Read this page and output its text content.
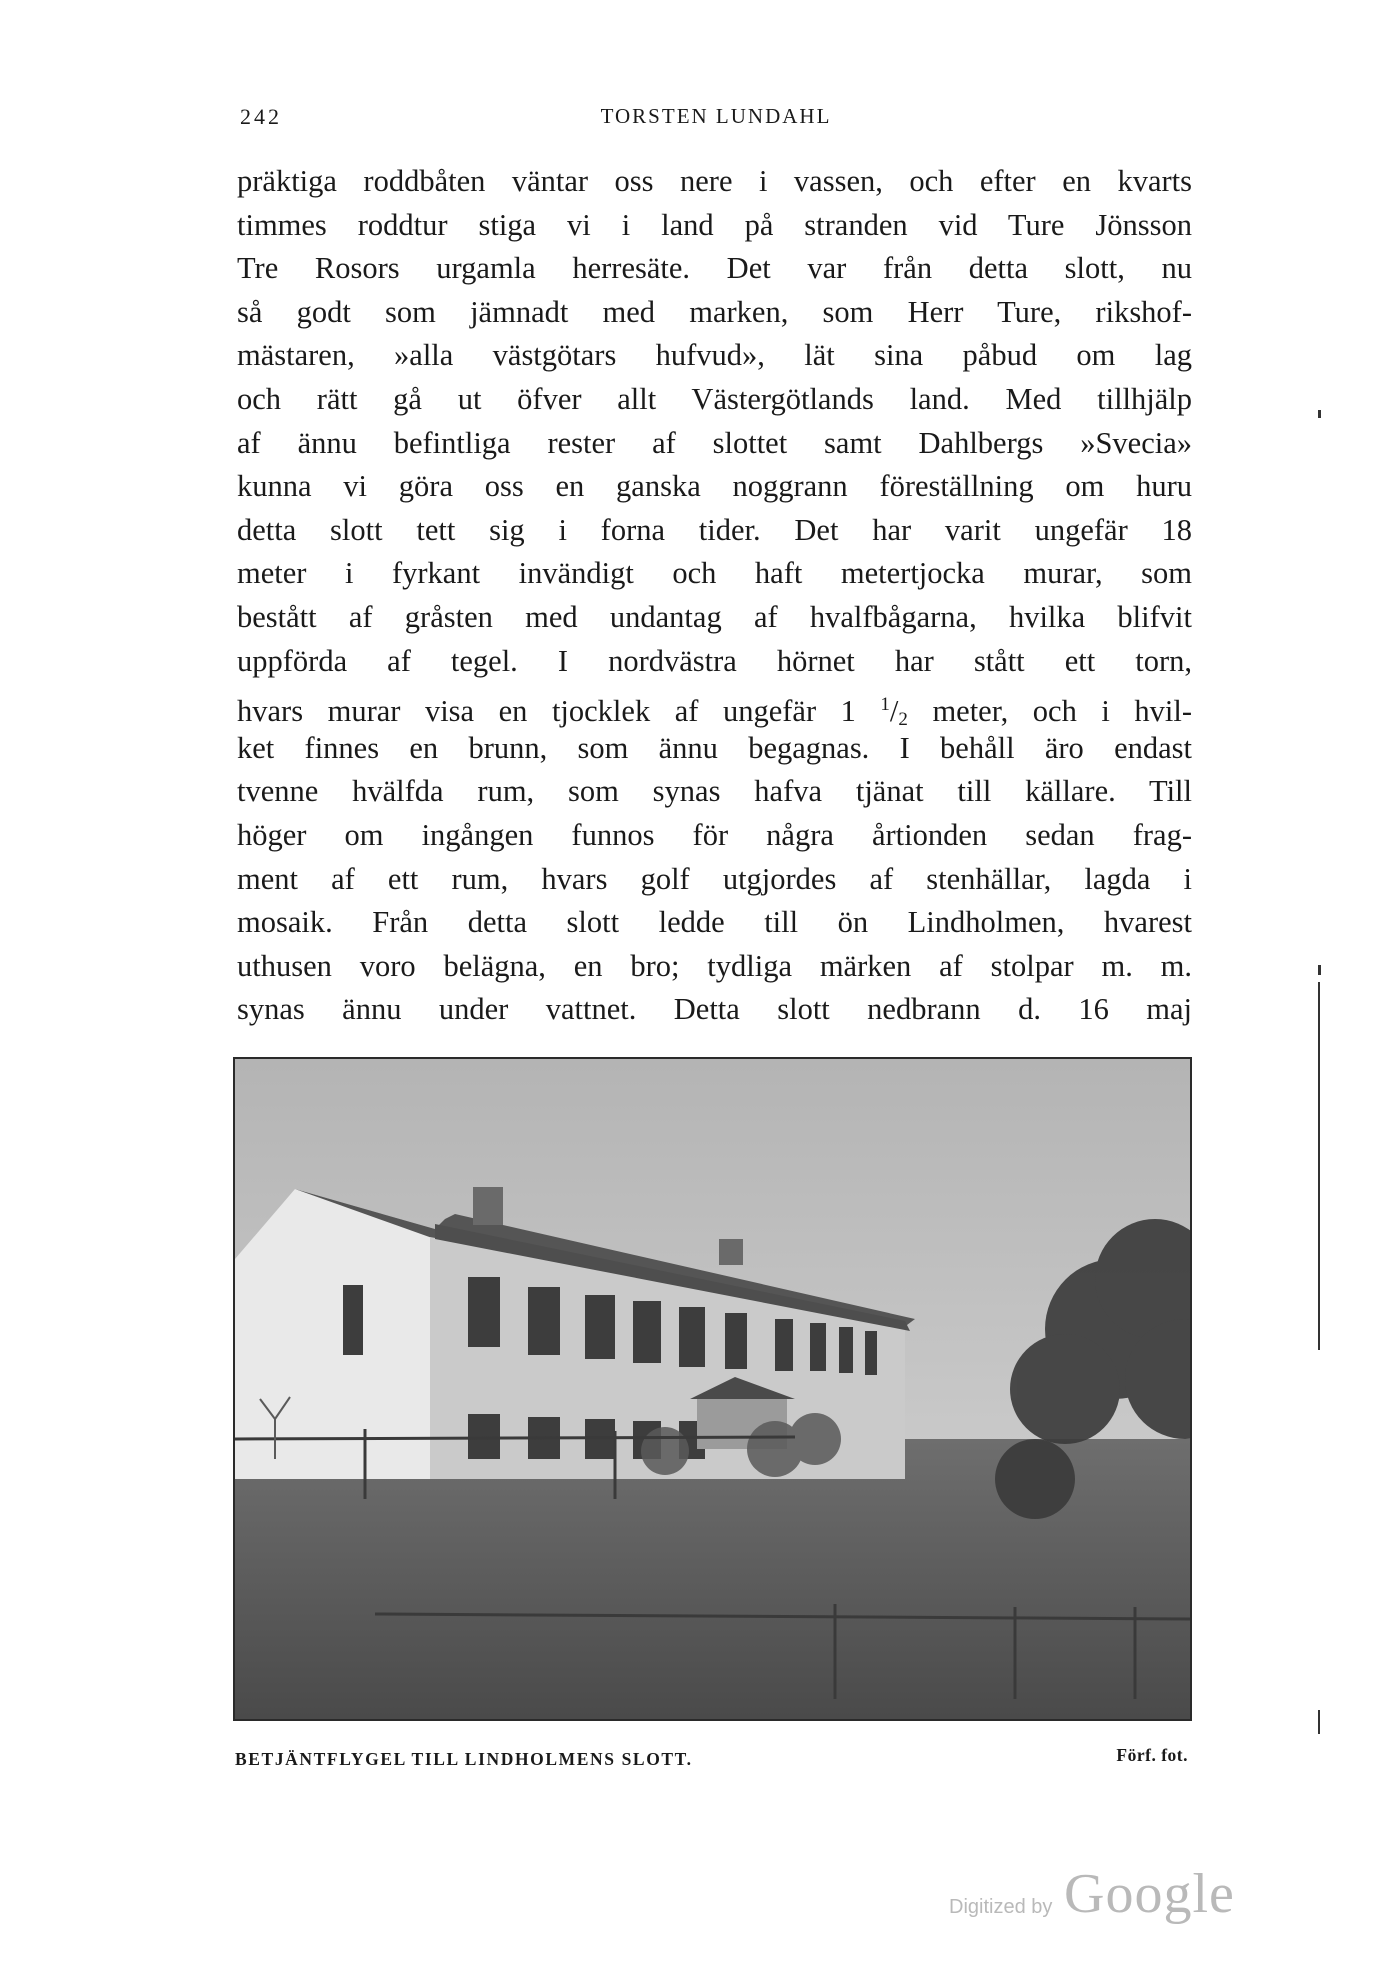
242	TORSTEN LUNDAHL
präktiga roddbåten väntar oss nere i vassen, och efter en kvarts
timmes roddtur stiga vi i land på stranden vid Ture Jönsson
Tre Rosors urgamla herresäte. Det var från detta slott, nu
så godt som jämnadt med marken, som Herr Ture, rikshof-
mästaren, »alla västgötars hufvud», lät sina påbud om lag
och rätt gå ut öfver allt Västergötlands land. Med tillhjälp
af ännu befintliga rester af slottet samt Dahlbergs »Svecia»
kunna vi göra oss en ganska noggrann föreställning om huru
detta slott tett sig i forna tider. Det har varit ungefär 18
meter i fyrkant invändigt och haft metertjocka murar, som
bestått af gråsten med undantag af hvalfbågarna, hvilka blifvit
uppförda af tegel. I nordvästra hörnet har stått ett torn,
hvars murar visa en tjocklek af ungefär 1 $^1$/2 meter, och i hvil-
ket finnes en brunn, som ännu begagnas. I behåll äro endast
tvenne hvälfda rum, som synas hafva tjänat till källare. Till
höger om ingången funnos för några årtionden sedan frag-
ment af ett rum, hvars golf utgjordes af stenhällar, lagda i
mosaik. Från detta slott ledde till ön Lindholmen, hvarest
uthusen voro belägna, en bro; tydliga märken af stolpar m. m.
synas ännu under vattnet. Detta slott nedbrann d. 16 maj
BETJÄNTFLYGEL TILL LINDHOLMENS SLOTT.	Förf. fot.
Digitized by Google
